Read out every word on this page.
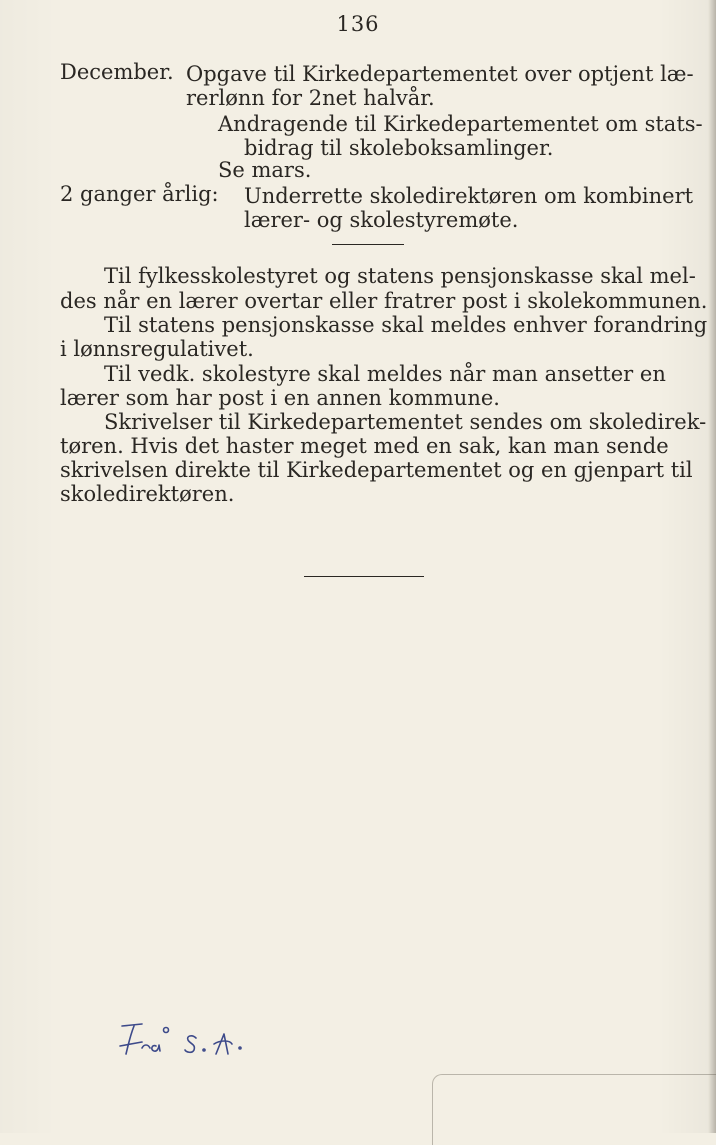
136
December. Opgave til Kirkedepartementet over optjent læ-
rerlønn for 2net halvår.
Andragende til Kirkedepartementet om stats-
bidrag til skoleboksamlinger.
Se mars.
2 ganger årlig: Underrette skoledirektøren om kombinert
lærer- og skolestyremøte.
Til fylkesskolestyret og statens pensjonskasse skal mel-
des når en lærer overtar eller fratrer post i skolekommunen.
Til statens pensjonskasse skal meldes enhver forandring
i lønnsregulativet.
Til vedk. skolestyre skal meldes når man ansetter en
lærer som har post i en annen kommune.
Skrivelser til Kirkedepartementet sendes om skoledirek-
tøren. Hvis det haster meget med en sak, kan man sende
skrivelsen direkte til Kirkedepartementet og en gjenpart til
skoledirektøren.
